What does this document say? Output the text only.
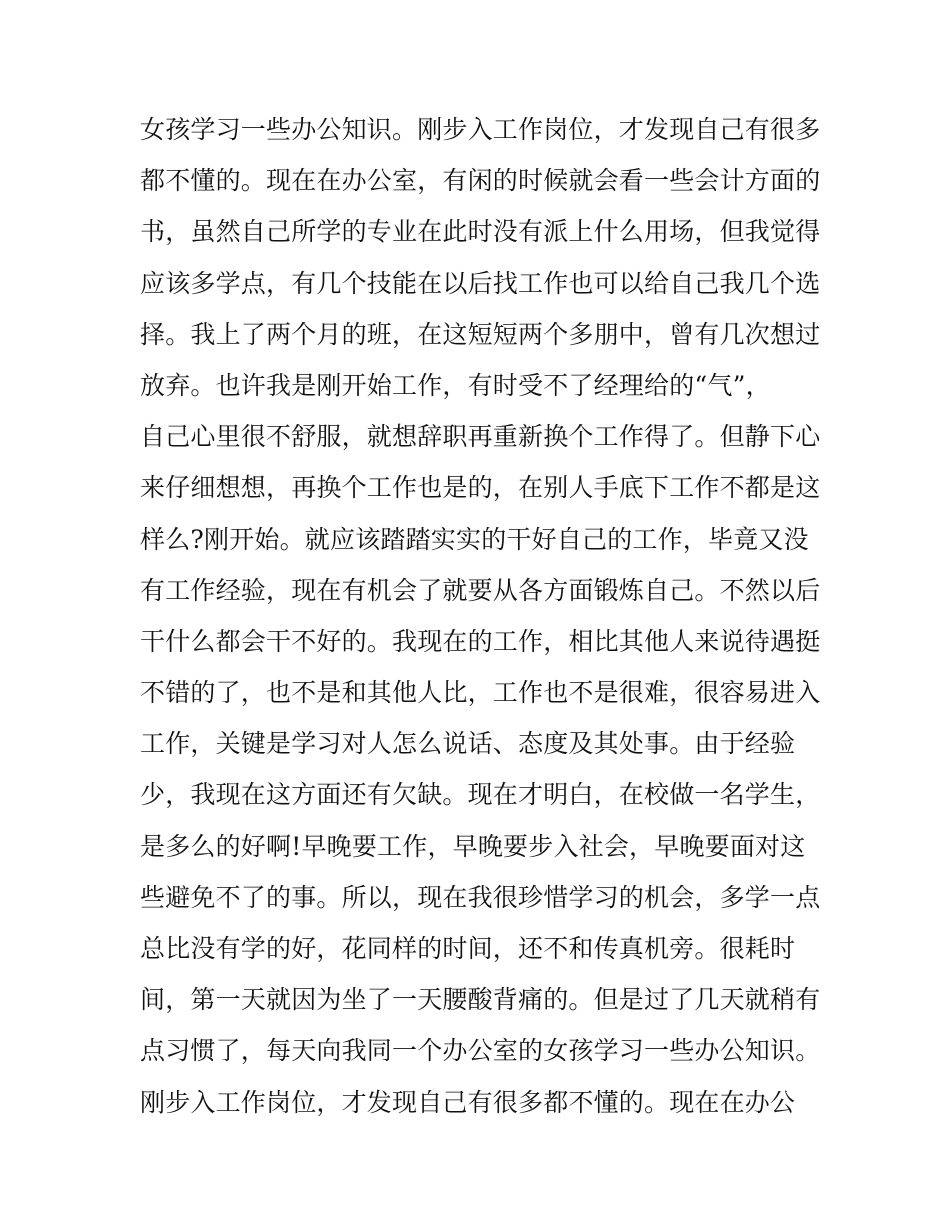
女孩学习一些办公知识。刚步入工作岗位，才发现自己有很多
都不懂的。现在在办公室，有闲的时候就会看一些会计方面的
书，虽然自己所学的专业在此时没有派上什么用场，但我觉得
应该多学点，有几个技能在以后找工作也可以给自己我几个选
择。我上了两个月的班，在这短短两个多朋中，曾有几次想过
放弃。也许我是刚开始工作，有时受不了经理给的“气”，
自己心里很不舒服，就想辞职再重新换个工作得了。但静下心
来仔细想想，再换个工作也是的，在别人手底下工作不都是这
样么?刚开始。就应该踏踏实实的干好自己的工作，毕竟又没
有工作经验，现在有机会了就要从各方面锻炼自己。不然以后
干什么都会干不好的。我现在的工作，相比其他人来说待遇挺
不错的了，也不是和其他人比，工作也不是很难，很容易进入
工作，关键是学习对人怎么说话、态度及其处事。由于经验
少，我现在这方面还有欠缺。现在才明白，在校做一名学生，
是多么的好啊!早晚要工作，早晚要步入社会，早晚要面对这
些避免不了的事。所以，现在我很珍惜学习的机会，多学一点
总比没有学的好，花同样的时间，还不和传真机旁。很耗时
间，第一天就因为坐了一天腰酸背痛的。但是过了几天就稍有
点习惯了，每天向我同一个办公室的女孩学习一些办公知识。
刚步入工作岗位，才发现自己有很多都不懂的。现在在办公
